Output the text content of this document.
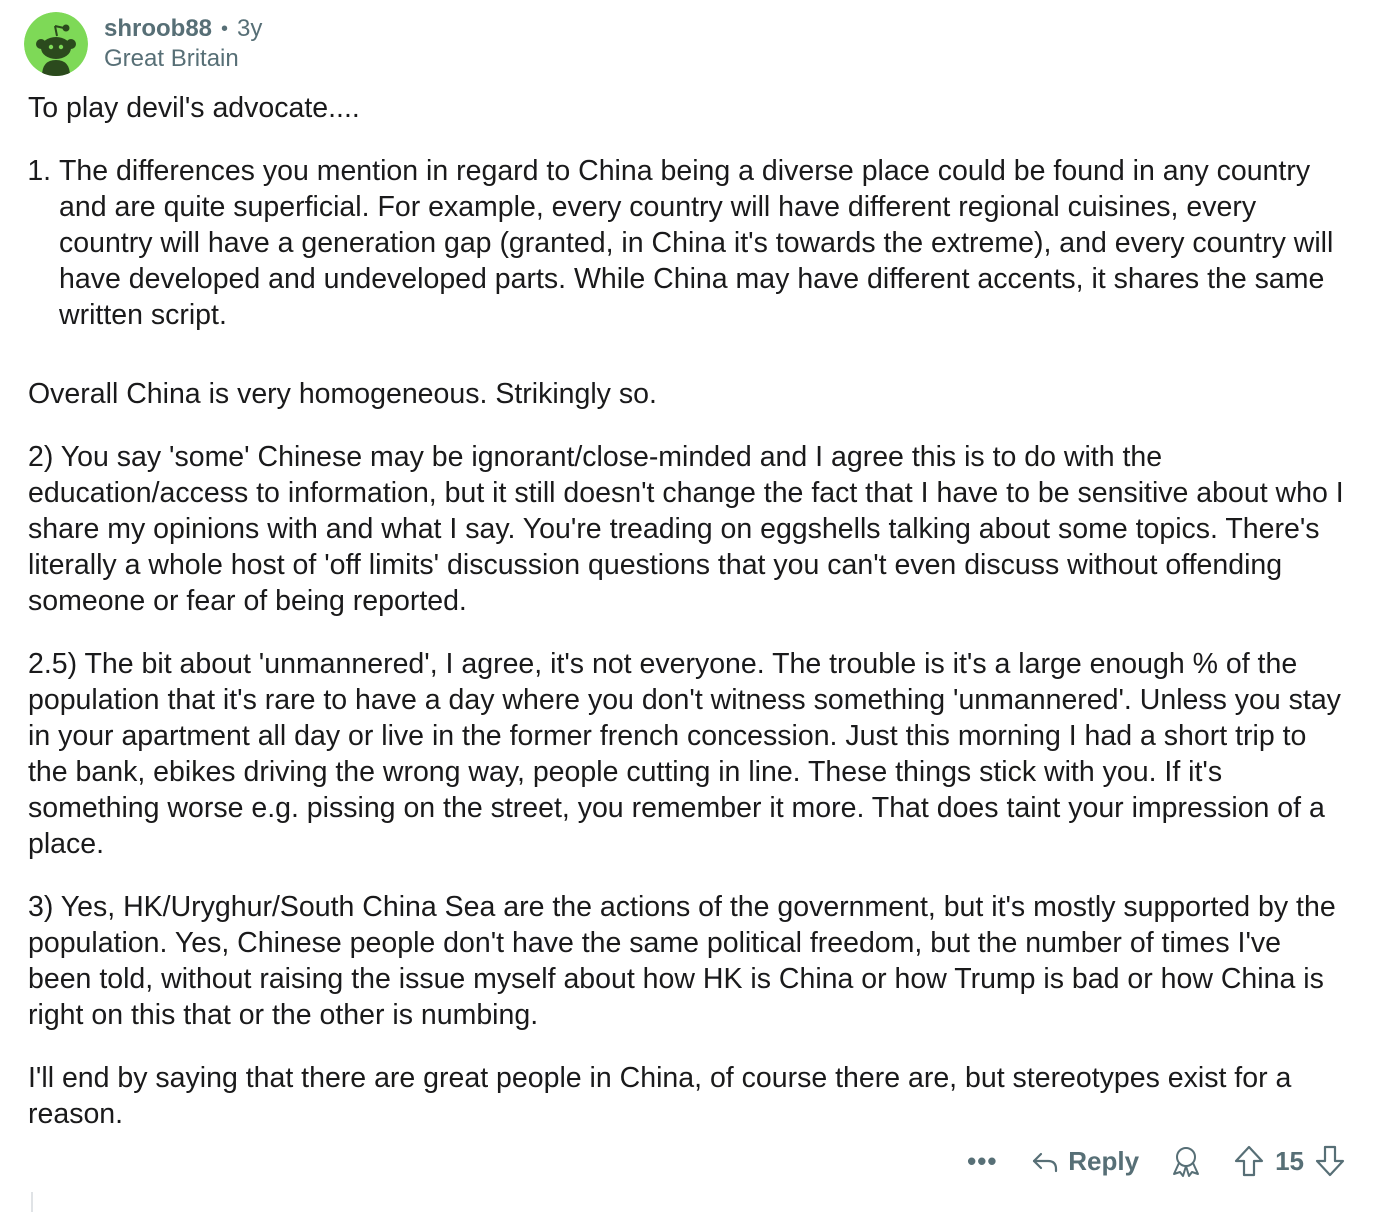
shroob88 • 3y
Great Britain

To play devil's advocate....

1. The differences you mention in regard to China being a diverse place could be found in any country and are quite superficial. For example, every country will have different regional cuisines, every country will have a generation gap (granted, in China it's towards the extreme), and every country will have developed and undeveloped parts. While China may have different accents, it shares the same written script.

Overall China is very homogeneous. Strikingly so.

2) You say 'some' Chinese may be ignorant/close-minded and I agree this is to do with the education/access to information, but it still doesn't change the fact that I have to be sensitive about who I share my opinions with and what I say. You're treading on eggshells talking about some topics. There's literally a whole host of 'off limits' discussion questions that you can't even discuss without offending someone or fear of being reported.

2.5) The bit about 'unmannered', I agree, it's not everyone. The trouble is it's a large enough % of the population that it's rare to have a day where you don't witness something 'unmannered'. Unless you stay in your apartment all day or live in the former french concession. Just this morning I had a short trip to the bank, ebikes driving the wrong way, people cutting in line. These things stick with you. If it's something worse e.g. pissing on the street, you remember it more. That does taint your impression of a place.

3) Yes, HK/Uryghur/South China Sea are the actions of the government, but it's mostly supported by the population. Yes, Chinese people don't have the same political freedom, but the number of times I've been told, without raising the issue myself about how HK is China or how Trump is bad or how China is right on this that or the other is numbing.

I'll end by saying that there are great people in China, of course there are, but stereotypes exist for a reason.

•••	Reply	15
